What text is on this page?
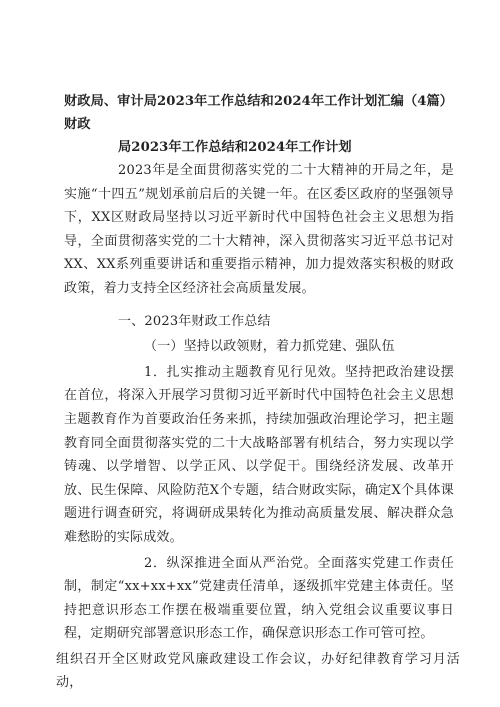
财政局、审计局2023年工作总结和2024年工作计划汇编（4篇）财政
局2023年工作总结和2024年工作计划

2023年是全面贯彻落实党的二十大精神的开局之年，是实施“十四五”规划承前启后的关键一年。在区委区政府的坚强领导下，XX区财政局坚持以习近平新时代中国特色社会主义思想为指导，全面贯彻落实党的二十大精神，深入贯彻落实习近平总书记对XX、XX系列重要讲话和重要指示精神，加力提效落实积极的财政政策，着力支持全区经济社会高质量发展。

一、2023年财政工作总结

（一）坚持以政领财，着力抓党建、强队伍

1．扎实推动主题教育见行见效。坚持把政治建设摆在首位，将深入开展学习贯彻习近平新时代中国特色社会主义思想主题教育作为首要政治任务来抓，持续加强政治理论学习，把主题教育同全面贯彻落实党的二十大战略部署有机结合，努力实现以学铸魂、以学增智、以学正风、以学促干。围绕经济发展、改革开放、民生保障、风险防范X个专题，结合财政实际，确定X个具体课题进行调查研究，将调研成果转化为推动高质量发展、解决群众急难愁盼的实际成效。

2．纵深推进全面从严治党。全面落实党建工作责任制，制定“xx+xx+xx”党建责任清单，逐级抓牢党建主体责任。坚持把意识形态工作摆在极端重要位置，纳入党组会议重要议事日程，定期研究部署意识形态工作，确保意识形态工作可管可控。

组织召开全区财政党风廉政建设工作会议，办好纪律教育学习月活动，
